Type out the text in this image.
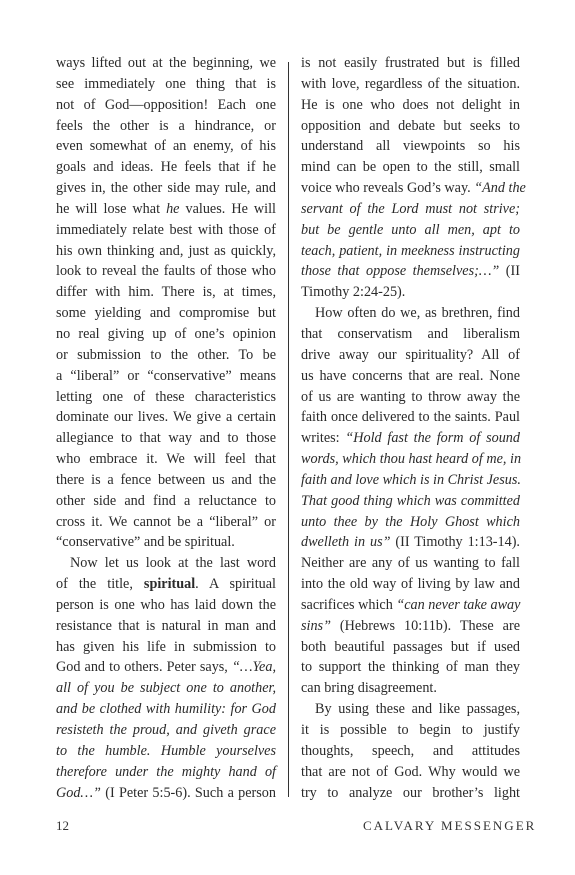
ways lifted out at the beginning, we
see immediately one thing that is
not of God—opposition! Each one
feels the other is a hindrance, or
even somewhat of an enemy, of his
goals and ideas. He feels that if he
gives in, the other side may rule, and
he will lose what he values. He will
immediately relate best with those of
his own thinking and, just as quickly,
look to reveal the faults of those who
differ with him. There is, at times,
some yielding and compromise but
no real giving up of one’s opinion
or submission to the other. To be
a “liberal” or “conservative” means
letting one of these characteristics
dominate our lives. We give a certain
allegiance to that way and to those
who embrace it. We will feel that
there is a fence between us and the
other side and find a reluctance to
cross it. We cannot be a “liberal” or
“conservative” and be spiritual.
Now let us look at the last word
of the title, spiritual. A spiritual
person is one who has laid down the
resistance that is natural in man and
has given his life in submission to
God and to others. Peter says, “…Yea,
all of you be subject one to another,
and be clothed with humility: for God
resisteth the proud, and giveth grace
to the humble. Humble yourselves
therefore under the mighty hand of
God…” (I Peter 5:5-6). Such a person
is not easily frustrated but is filled
with love, regardless of the situation.
He is one who does not delight in
opposition and debate but seeks to
understand all viewpoints so his
mind can be open to the still, small
voice who reveals God’s way. “And the
servant of the Lord must not strive;
but be gentle unto all men, apt to
teach, patient, in meekness instructing
those that oppose themselves;…” (II
Timothy 2:24-25).
How often do we, as brethren, find
that conservatism and liberalism
drive away our spirituality? All of
us have concerns that are real. None
of us are wanting to throw away the
faith once delivered to the saints. Paul
writes: “Hold fast the form of sound
words, which thou hast heard of me, in
faith and love which is in Christ Jesus.
That good thing which was committed
unto thee by the Holy Ghost which
dwelleth in us” (II Timothy 1:13-14).
Neither are any of us wanting to fall
into the old way of living by law and
sacrifices which “can never take away
sins” (Hebrews 10:11b). These are
both beautiful passages but if used
to support the thinking of man they
can bring disagreement.
By using these and like passages,
it is possible to begin to justify
thoughts, speech, and attitudes
that are not of God. Why would we
try to analyze our brother’s light
12	CALVARY MESSENGER
